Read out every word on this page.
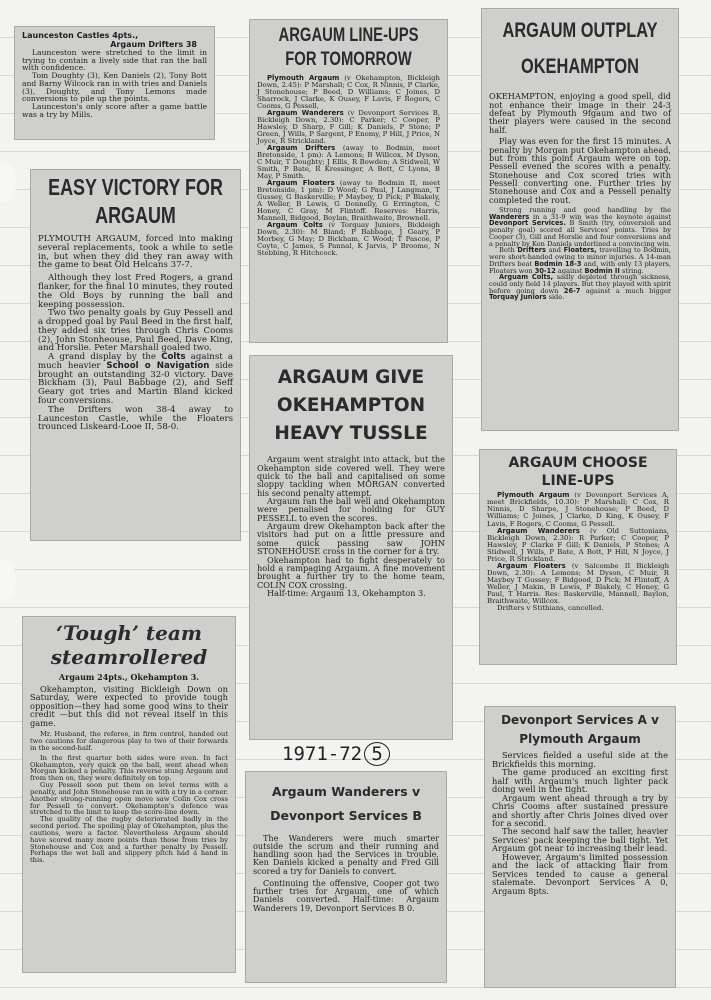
Launceston Castles 4pts.,
Argaum Drifters 38

Launceston were stretched to the limit in trying to contain a lively side that ran the ball with confidence.

Tom Doughty (3), Ken Daniels (2), Tony Bott and Barny Wilcock ran in with tries and Daniels (3), Doughty, and Tony Lemons made conversions to pile up the points.

Launceston's only score after a game battle was a try by Mills.

EASY VICTORY FOR
ARGAUM

PLYMOUTH ARGAUM, forced into making several replacements, took a while to setle in, but when they did they ran away with the game to beat Old Helcans 37-7.

Although they lost Fred Rogers, a grand flanker, for the final 10 minutes, they routed the Old Boys by running the ball and keeping possession.

Two two penalty goals by Guy Pessell and a dropped goal by Paul Beed in the first half, they added six tries through Chris Cooms (2), John Stonheouse, Paul Beed, Dave King, and Horslie. Peter Marshall goaled two.

A grand display by the Colts against a much heavier School o Navigation side brought an outstanding 32-0 victory. Dave Bickham (3), Paul Babbage (2), and Seff Geary got tries and Martin Bland kicked four conversions.

The Drifters won 38-4 away to Launceston Castle, while the Floaters trounced Liskeard-Looe II, 58-0.

‘Tough’ team
steamrollered
Argaum 24pts., Okehampton 3.

Okehampton, visiting Bickleigh Down on Saturday, were expected to provide tough opposition—they had some good wins to their credit —but this did not reveal itself in this game.

Mr. Husband, the referee, in firm control, handed out two cautions for dangerous play to two of their forwards in the second-half.

In the first quarter both sides were even. In fact Okehampton, very quick on the ball, went ahead when Morgan kicked a penalty. This reverse stung Argaum and from then on, they were definitely on top.

Guy Pessell soon put them on level terms with a penalty, and John Stonehouse ran in with a try in a corner. Another strong-running open move saw Colin Cox cross for Pessell to convert. Okehampton's defence was stretched to the limit to keep the score-line down.

The quality of the rugby deteriorated badly in the second period. The spoiling play of Okehampton, plus the cautions, were a factor. Nevertheless Argaum should have scored many more points than those from tries by Stonehouse and Cox and a further penalty by Pessell. Perhaps the wet ball and slippery pitch had a hand in this.

ARGAUM LINE-UPS
FOR TOMORROW

Plymouth Argaum (v Okehampton, Bickleigh Down, 2.45): P Marshall; C Cox, R Ninnis, P Clarke, J Stonehouse; P Beed, D Williams; C Joines, D Sharrock, J Clarke, K Ousey, F Lavis, F Rogers, C Cooms, G Pessell,

Argaum Wanderers (v Devonport Services B, Bickleigh Down, 2.30): C Parker; C Cooper, P Hawsley, D Sharp, F Gill; K Daniels, P Stone; P Green, J Wills, P Sargent, P Enomy, P Hill, J Price, N Joyce, R Strickland.

Argaum Drifters (away to Bodmin, meet Bretonside, 1 pm): A Lemons; B Willcox, M Dyson, C Muir, T Doughty; J Ellis, R Bowden; A Stidwell, W Smith, P Bate, R Kressinger, A Bott, C Lyons, B May, P Smith.

Argaum Floaters (away to Bodmin II, meet Bretonside, 1 pm): D Wood; G Paul, J Langman, T Gussey, G Baskerville; P Maybey, D Pick; P Blakely, A Weller, B Lewis, G Donnelly, G Errington, C Honey, C Gray, M Flintoff. Reserves: Harris, Mannell, Bidgood, Boylan, Braithwaite, Brownell.

Argaum Colts (v Torquay Juniors, Bickleigh Down, 2.30): M Bland; P Babbage, J Geary, P Morbey, G May; D Bickham, C Wood; T Pascoe, P Coyte, C James, S Pannal, K Jarvis, P Broome, N Stebbing, R Hitchcock.

ARGAUM GIVE
OKEHAMPTON
HEAVY TUSSLE

Argaum went straight into attack, but the Okehampton side covered well. They were quick to the ball and capitalised on some sloppy tackling when MORGAN converted his second penalty attempt.

Argaum ran the ball well and Okehampton were penalised for holding for GUY PESSELL to even the scores.

Argaum drew Okehampton back after the visitors had put on a little pressure and some quick passing saw JOHN STONEHOUSE cross in the corner for a try.

Okehampton had to fight desperately to hold a rampaging Argaum. A fine movement brought a further try to the home team, COLIN COX crossing.

Half-time: Argaum 13, Okehampton 3.

1971-72 5
Argaum Wanderers v
Devonport Services B

The Wanderers were much smarter outside the scrum and their running and handling soon had the Services in trouble. Ken Daniels kicked a penalty and Fred Gill scored a try for Daniels to convert.

Continuing the offensive, Cooper got two further tries for Argaum, one of which Daniels converted. Half-time: Argaum Wanderers 19, Devonport Services B 0.

ARGAUM OUTPLAY
OKEHAMPTON

OKEHAMPTON, enjoying a good spell, did not enhance their image in their 24-3 defeat by Plymouth 9fgaum and two of their players were caused in the second half.

Play was even for the first 15 minutes. A penalty by Morgan put Okehampton ahead, but from this point Argaum were on top. Pessell evened the scores with a penalty. Stonehouse and Cox scored tries with Pessell converting one. Further tries by Stonehouse and Cox and a Pessell penalty completed the rout.

Strong running and good handling by the Wanderers in a 31-9 win was the keynote against Devonport Services. B Smith (try, conversion and penalty goal) scored all Services' points. Tries by Cooper (3), Gill and Horslie and four conversions and a penalty by Ken Daniels underlined a convincing win.

Both Drifters and Floaters, travelling to Bodmin, were short-handed owing to minor injuries. A 14-man Drifters beat Bodmin 18-3 and, with only 13 players, Floaters won 30-12 against Bodmin II string.

Arguam Colts, sadly depleted through sickness, could only field 14 players. But they played with spirit before going down 26-7 against a much bigger Torquay Juniors side.

ARGAUM CHOOSE
LINE-UPS

Plymouth Argaum (v Devonport Services A, meet Brickfields, 10.30): P Marshall; C Cox, R Ninnis, D Sharpe, J Stonehouse; P Beed, D Williams; C Joines, J Clarke, D King, K Ousey, F Lavis, F Rogers, C Cooms, G Pessell.

Argaum Wanderers (v Old Suttonians, Bickleigh Down, 2.30): R Parker; C Cooper, P Hawsley, P Clarke F Gill; K Daniels, P Stones; A Stidwell, J Wills, P Bate, A Bott, P Hill, N Joyce, J Price, R Strickland.

Argaum Floaters (v Salcombe II Bickleigh Down, 2.30): A Lemons; M Dyson, C Muir, R Maybey T Gussey; F Bidgood, D Pick; M Flintoff, A Weller, J Makin, B Lewis, P Blakely, C Honey, G Paul, T Harris. Res: Baskerville, Mannell, Baylon, Braithwaite, Willcox.

Drifters v Stithians, cancelled.

Devonport Services A v
Plymouth Argaum

Services fielded a useful side at the Brickfields this morning.

The game produced an exciting first half with Argaum's much lighter pack doing well in the tight.

Argaum went ahead through a try by Chris Cooms after sustained pressure and shortly after Chris Joines dived over for a second.

The second half saw the taller, heavier Services' pack keeping the ball tight. Yet Argaum got near to increasing their lead.

However, Argaum's limited possession and the lack of attacking flair from Services tended to cause a general stalemate. Devonport Services A 0, Argaum 8pts.
